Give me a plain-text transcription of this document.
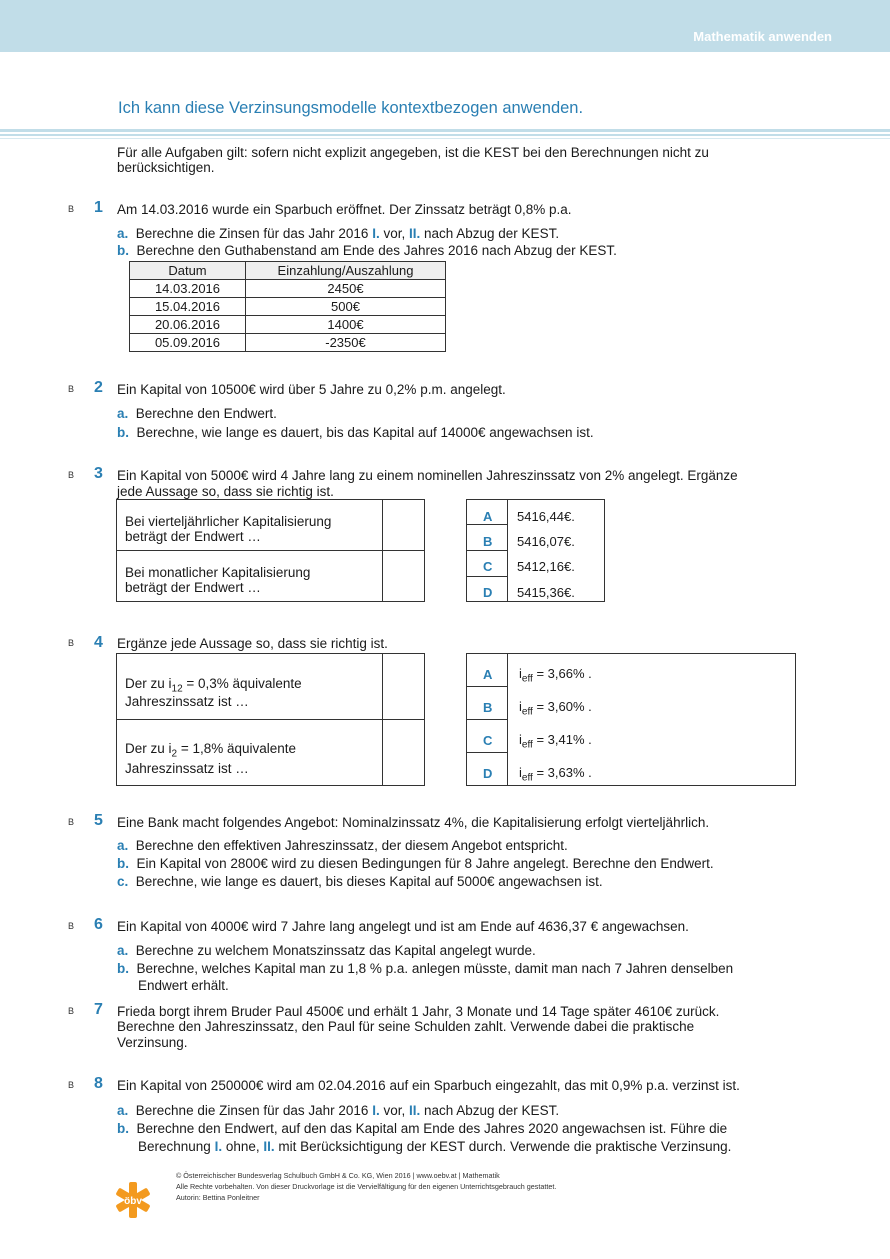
Mathematik anwenden
Ich kann diese Verzinsungsmodelle kontextbezogen anwenden.
Für alle Aufgaben gilt: sofern nicht explizit angegeben, ist die KEST bei den Berechnungen nicht zu
berücksichtigen.
B 1 Am 14.03.2016 wurde ein Sparbuch eröffnet. Der Zinssatz beträgt 0,8% p.a.
a. Berechne die Zinsen für das Jahr 2016 I. vor, II. nach Abzug der KEST.
b. Berechne den Guthabenstand am Ende des Jahres 2016 nach Abzug der KEST.
Datum	Einzahlung/Auszahlung
14.03.2016	2450€
15.04.2016	500€
20.06.2016	1400€
05.09.2016	-2350€
B 2 Ein Kapital von 10500€ wird über 5 Jahre zu 0,2% p.m. angelegt.
a. Berechne den Endwert.
b. Berechne, wie lange es dauert, bis das Kapital auf 14000€ angewachsen ist.
B 3 Ein Kapital von 5000€ wird 4 Jahre lang zu einem nominellen Jahreszinssatz von 2% angelegt. Ergänze
jede Aussage so, dass sie richtig ist.
Bei vierteljährlicher Kapitalisierung
beträgt der Endwert …
Bei monatlicher Kapitalisierung
beträgt der Endwert …
A 5416,44€.
B 5416,07€.
C 5412,16€.
D 5415,36€.
B 4 Ergänze jede Aussage so, dass sie richtig ist.
Der zu $i_{12} = 0,3\%$ äquivalente
Jahreszinssatz ist …
Der zu $i_2 = 1,8\%$ äquivalente
Jahreszinssatz ist …
A $i_{eff} = 3,66\%$ .
B $i_{eff} = 3,60\%$ .
C $i_{eff} = 3,41\%$ .
D $i_{eff} = 3,63\%$ .
B 5 Eine Bank macht folgendes Angebot: Nominalzinssatz 4%, die Kapitalisierung erfolgt vierteljährlich.
a. Berechne den effektiven Jahreszinssatz, der diesem Angebot entspricht.
b. Ein Kapital von 2800€ wird zu diesen Bedingungen für 8 Jahre angelegt. Berechne den Endwert.
c. Berechne, wie lange es dauert, bis dieses Kapital auf 5000€ angewachsen ist.
B 6 Ein Kapital von 4000€ wird 7 Jahre lang angelegt und ist am Ende auf 4636,37 € angewachsen.
a. Berechne zu welchem Monatszinssatz das Kapital angelegt wurde.
b. Berechne, welches Kapital man zu 1,8 % p.a. anlegen müsste, damit man nach 7 Jahren denselben
Endwert erhält.
B 7 Frieda borgt ihrem Bruder Paul 4500€ und erhält 1 Jahr, 3 Monate und 14 Tage später 4610€ zurück.
Berechne den Jahreszinssatz, den Paul für seine Schulden zahlt. Verwende dabei die praktische
Verzinsung.
B 8 Ein Kapital von 250000€ wird am 02.04.2016 auf ein Sparbuch eingezahlt, das mit 0,9% p.a. verzinst ist.
a. Berechne die Zinsen für das Jahr 2016 I. vor, II. nach Abzug der KEST.
b. Berechne den Endwert, auf den das Kapital am Ende des Jahres 2020 angewachsen ist. Führe die
Berechnung I. ohne, II. mit Berücksichtigung der KEST durch. Verwende die praktische Verzinsung.
öbv
© Österreichischer Bundesverlag Schulbuch GmbH & Co. KG, Wien 2016 | www.oebv.at | Mathematik
Alle Rechte vorbehalten. Von dieser Druckvorlage ist die Vervielfältigung für den eigenen Unterrichtsgebrauch gestattet.
Autorin: Bettina Ponleitner
